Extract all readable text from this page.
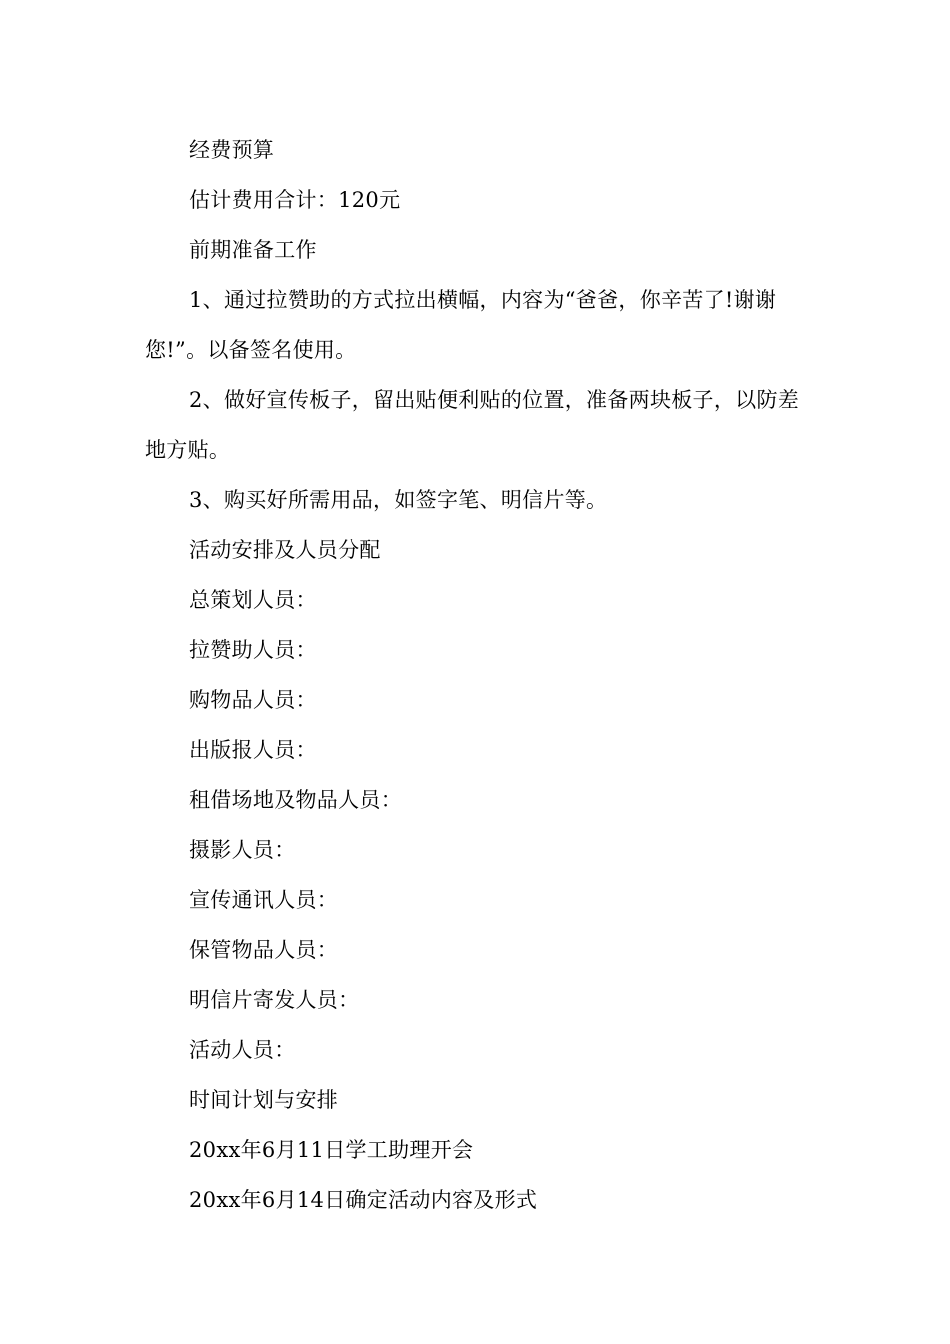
经费预算

估计费用合计：120元

前期准备工作

1、通过拉赞助的方式拉出横幅，内容为“爸爸，你辛苦了!谢谢您!”。以备签名使用。

2、做好宣传板子，留出贴便利贴的位置，准备两块板子，以防差地方贴。

3、购买好所需用品，如签字笔、明信片等。

活动安排及人员分配

总策划人员：

拉赞助人员：

购物品人员：

出版报人员：

租借场地及物品人员：

摄影人员：

宣传通讯人员：

保管物品人员：

明信片寄发人员：

活动人员：

时间计划与安排

20xx年6月11日学工助理开会

20xx年6月14日确定活动内容及形式
